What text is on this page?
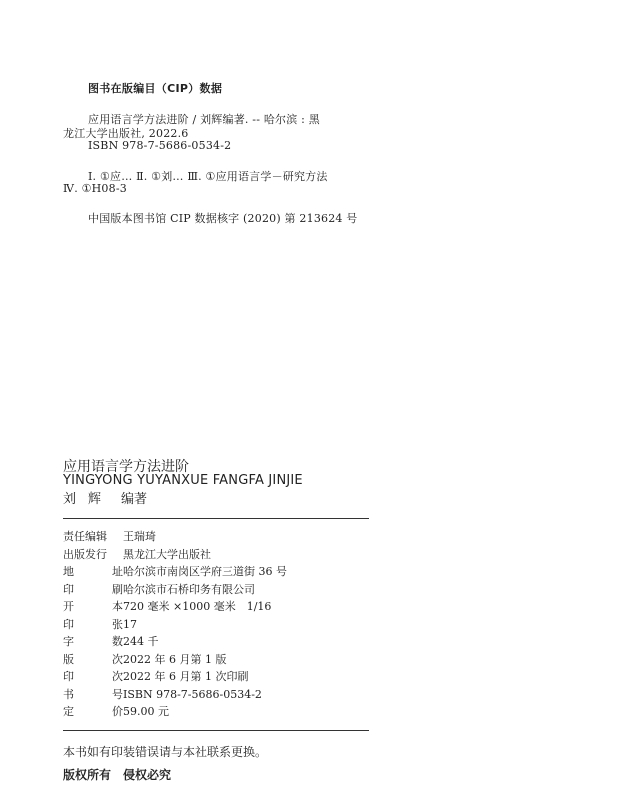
图书在版编目（CIP）数据
应用语言学方法进阶 / 刘辉编著. -- 哈尔滨 : 黑
龙江大学出版社, 2022.6
ISBN 978-7-5686-0534-2
Ⅰ. ①应… Ⅱ. ①刘… Ⅲ. ①应用语言学－研究方法
Ⅳ. ①H08-3
中国版本图书馆 CIP 数据核字 (2020) 第 213624 号
应用语言学方法进阶
YINGYONG YUYANXUE FANGFA JINJIE
刘辉 编著
责任编辑	王瑞琦
出版发行	黑龙江大学出版社
地	址 哈尔滨市南岗区学府三道街 36 号
印	刷 哈尔滨市石桥印务有限公司
开	本 720 毫米 ×1000 毫米　1/16
印	张 17
字	数 244 千
版	次 2022 年 6 月第 1 版
印	次 2022 年 6 月第 1 次印刷
书	号 ISBN 978-7-5686-0534-2
定	价 59.00 元
本书如有印装错误请与本社联系更换。
版权所有　侵权必究
